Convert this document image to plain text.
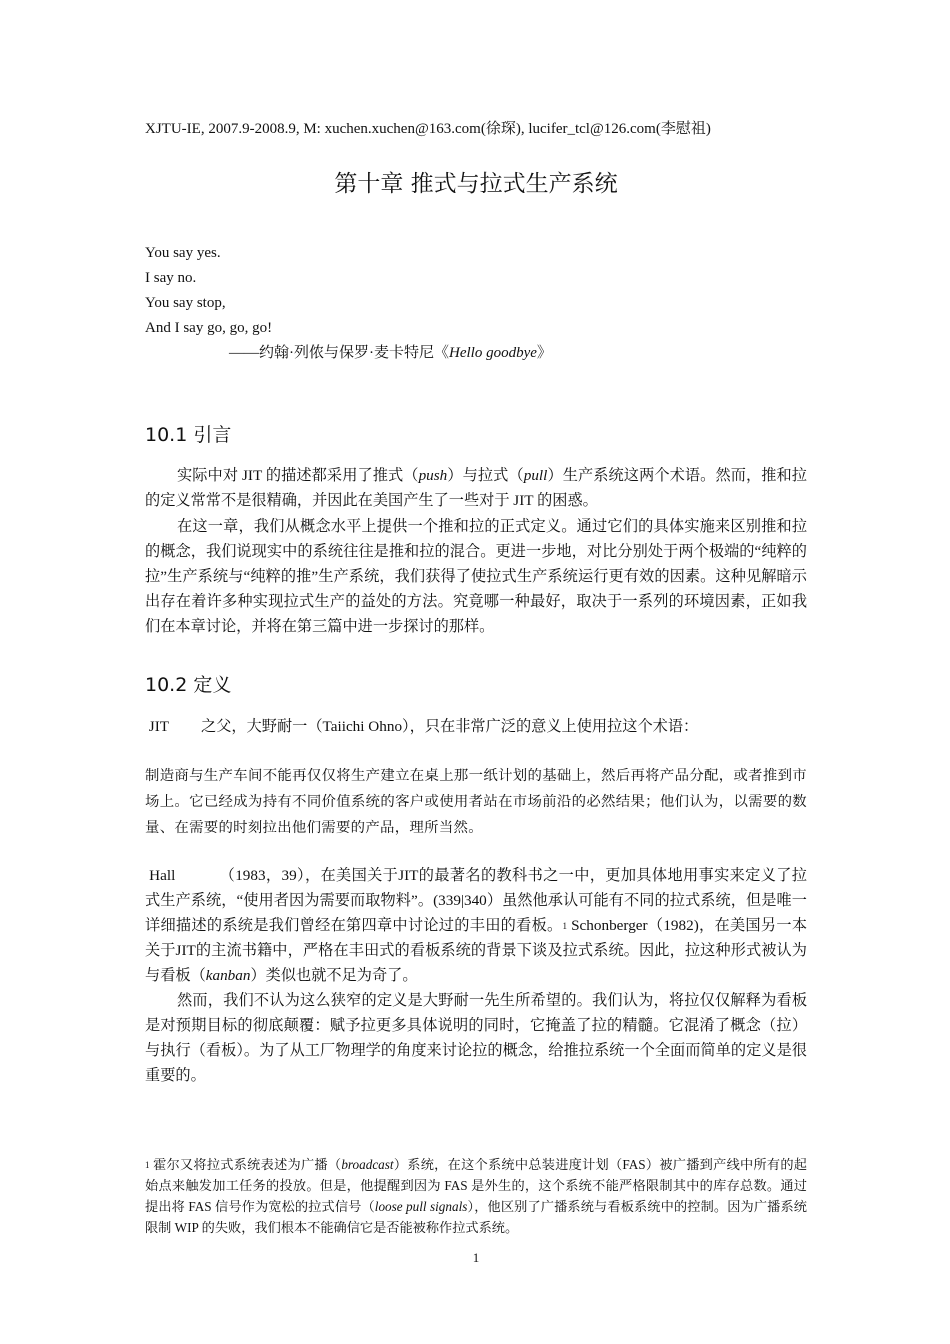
XJTU-IE, 2007.9-2008.9, M: xuchen.xuchen@163.com(徐琛), lucifer_tcl@126.com(李慰祖)
第十章 推式与拉式生产系统
You say yes.
I say no.
You say stop,
And I say go, go, go!
——约翰·列侬与保罗·麦卡特尼《Hello goodbye》
10.1 引言
实际中对 JIT 的描述都采用了推式（push）与拉式（pull）生产系统这两个术语。然而，推和拉的定义常常不是很精确，并因此在美国产生了一些对于 JIT 的困惑。
在这一章，我们从概念水平上提供一个推和拉的正式定义。通过它们的具体实施来区别推和拉的概念，我们说现实中的系统往往是推和拉的混合。更进一步地，对比分别处于两个极端的“纯粹的拉”生产系统与“纯粹的推”生产系统，我们获得了使拉式生产系统运行更有效的因素。这种见解暗示出存在着许多种实现拉式生产的益处的方法。究竟哪一种最好，取决于一系列的环境因素，正如我们在本章讨论，并将在第三篇中进一步探讨的那样。
10.2 定义
JIT 之父，大野耐一（Taiichi Ohno），只在非常广泛的意义上使用拉这个术语：
制造商与生产车间不能再仅仅将生产建立在桌上那一纸计划的基础上，然后再将产品分配，或者推到市场上。它已经成为持有不同价值系统的客户或使用者站在市场前沿的必然结果；他们认为，以需要的数量、在需要的时刻拉出他们需要的产品，理所当然。
Hall	（1983，39），在美国关于JIT的最著名的教科书之一中，更加具体地用事实来定义了拉式生产系统，“使用者因为需要而取物料”。(339|340）虽然他承认可能有不同的拉式系统，但是唯一详细描述的系统是我们曾经在第四章中讨论过的丰田的看板。$^1$ Schonberger（1982)，在美国另一本关于JIT的主流书籍中，严格在丰田式的看板系统的背景下谈及拉式系统。因此，拉这种形式被认为与看板（kanban）类似也就不足为奇了。
然而，我们不认为这么狭窄的定义是大野耐一先生所希望的。我们认为，将拉仅仅解释为看板是对预期目标的彻底颠覆：赋予拉更多具体说明的同时，它掩盖了拉的精髓。它混淆了概念（拉）与执行（看板）。为了从工厂物理学的角度来讨论拉的概念，给推拉系统一个全面而简单的定义是很重要的。
$^1$ 霍尔又将拉式系统表述为广播（broadcast）系统，在这个系统中总装进度计划（FAS）被广播到产线中所有的起始点来触发加工任务的投放。但是，他提醒到因为 FAS 是外生的，这个系统不能严格限制其中的库存总数。通过提出将 FAS 信号作为宽松的拉式信号（loose pull signals），他区别了广播系统与看板系统中的控制。因为广播系统限制 WIP 的失败，我们根本不能确信它是否能被称作拉式系统。
1
